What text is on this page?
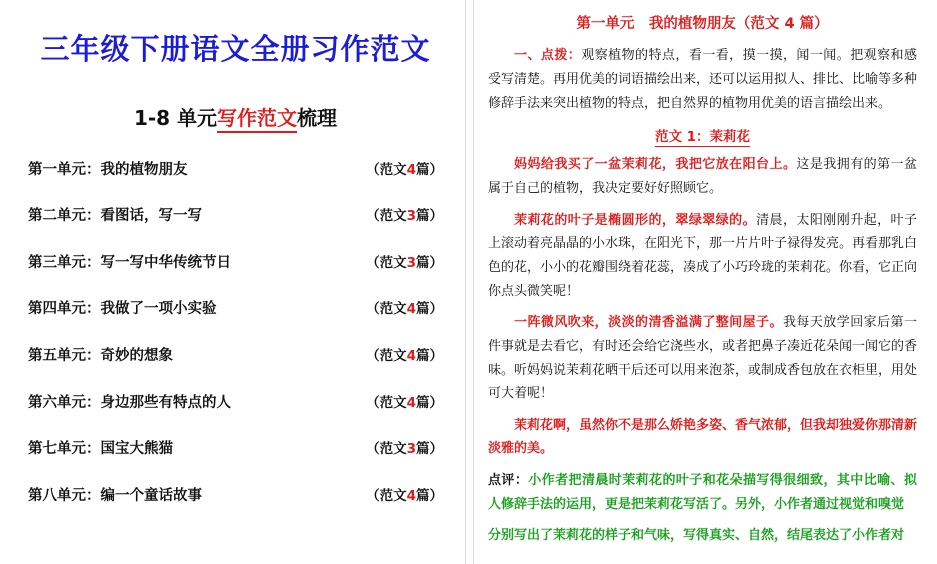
三年级下册语文全册习作范文
1-8 单元写作范文梳理
第一单元：我的植物朋友	（范文4篇）
第二单元：看图话，写一写	（范文3篇）
第三单元：写一写中华传统节日	（范文3篇）
第四单元：我做了一项小实验	（范文4篇）
第五单元：奇妙的想象	（范文4篇）
第六单元：身边那些有特点的人	（范文4篇）
第七单元：国宝大熊猫	（范文3篇）
第八单元：编一个童话故事	（范文4篇）
第一单元　我的植物朋友（范文 4 篇）
一、点拨：观察植物的特点，看一看，摸一摸，闻一闻。把观察和感受写清楚。再用优美的词语描绘出来，还可以运用拟人、排比、比喻等多种修辞手法来突出植物的特点，把自然界的植物用优美的语言描绘出来。
范文 1：茉莉花
妈妈给我买了一盆茉莉花，我把它放在阳台上。这是我拥有的第一盆属于自己的植物，我决定要好好照顾它。
茉莉花的叶子是椭圆形的，翠绿翠绿的。清晨，太阳刚刚升起，叶子上滚动着亮晶晶的小水珠，在阳光下，那一片片叶子禄得发亮。再看那乳白色的花，小小的花瓣围绕着花蕊，凑成了小巧玲珑的茉莉花。你看，它正向你点头微笑呢！
一阵微风吹来，淡淡的清香溢满了整间屋子。我每天放学回家后第一件事就是去看它，有时还会给它浇些水，或者把鼻子凑近花朵闻一闻它的香味。听妈妈说茉莉花晒干后还可以用来泡茶，或制成香包放在衣柜里，用处可大着呢！
茉莉花啊，虽然你不是那么娇艳多姿、香气浓郁，但我却独爱你那清新淡雅的美。
点评：小作者把清晨时茉莉花的叶子和花朵描写得很细致，其中比喻、拟人修辞手法的运用，更是把茉莉花写活了。另外，小作者通过视觉和嗅觉
分别写出了茉莉花的样子和气味，写得真实、自然，结尾表达了小作者对
